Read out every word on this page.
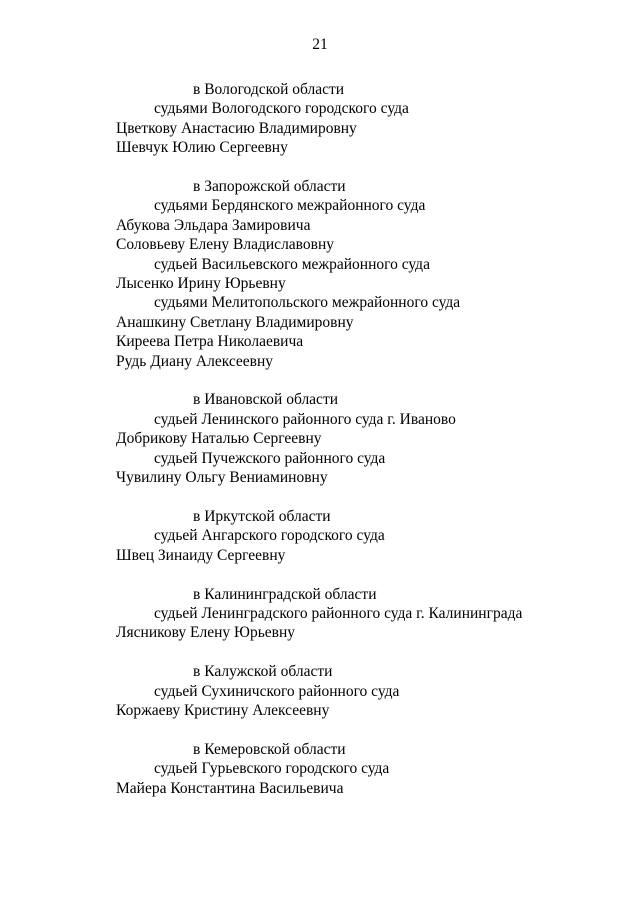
21
в Вологодской области
судьями Вологодского городского суда
Цветкову Анастасию Владимировну
Шевчук Юлию Сергеевну
в Запорожской области
судьями Бердянского межрайонного суда
Абукова Эльдара Замировича
Соловьеву Елену Владиславовну
судьей Васильевского межрайонного суда
Лысенко Ирину Юрьевну
судьями Мелитопольского межрайонного суда
Анашкину Светлану Владимировну
Киреева Петра Николаевича
Рудь Диану Алексеевну
в Ивановской области
судьей Ленинского районного суда г. Иваново
Добрикову Наталью Сергеевну
судьей Пучежского районного суда
Чувилину Ольгу Вениаминовну
в Иркутской области
судьей Ангарского городского суда
Швец Зинаиду Сергеевну
в Калининградской области
судьей Ленинградского районного суда г. Калининграда
Лясникову Елену Юрьевну
в Калужской области
судьей Сухиничского районного суда
Коржаеву Кристину Алексеевну
в Кемеровской области
судьей Гурьевского городского суда
Майера Константина Васильевича
